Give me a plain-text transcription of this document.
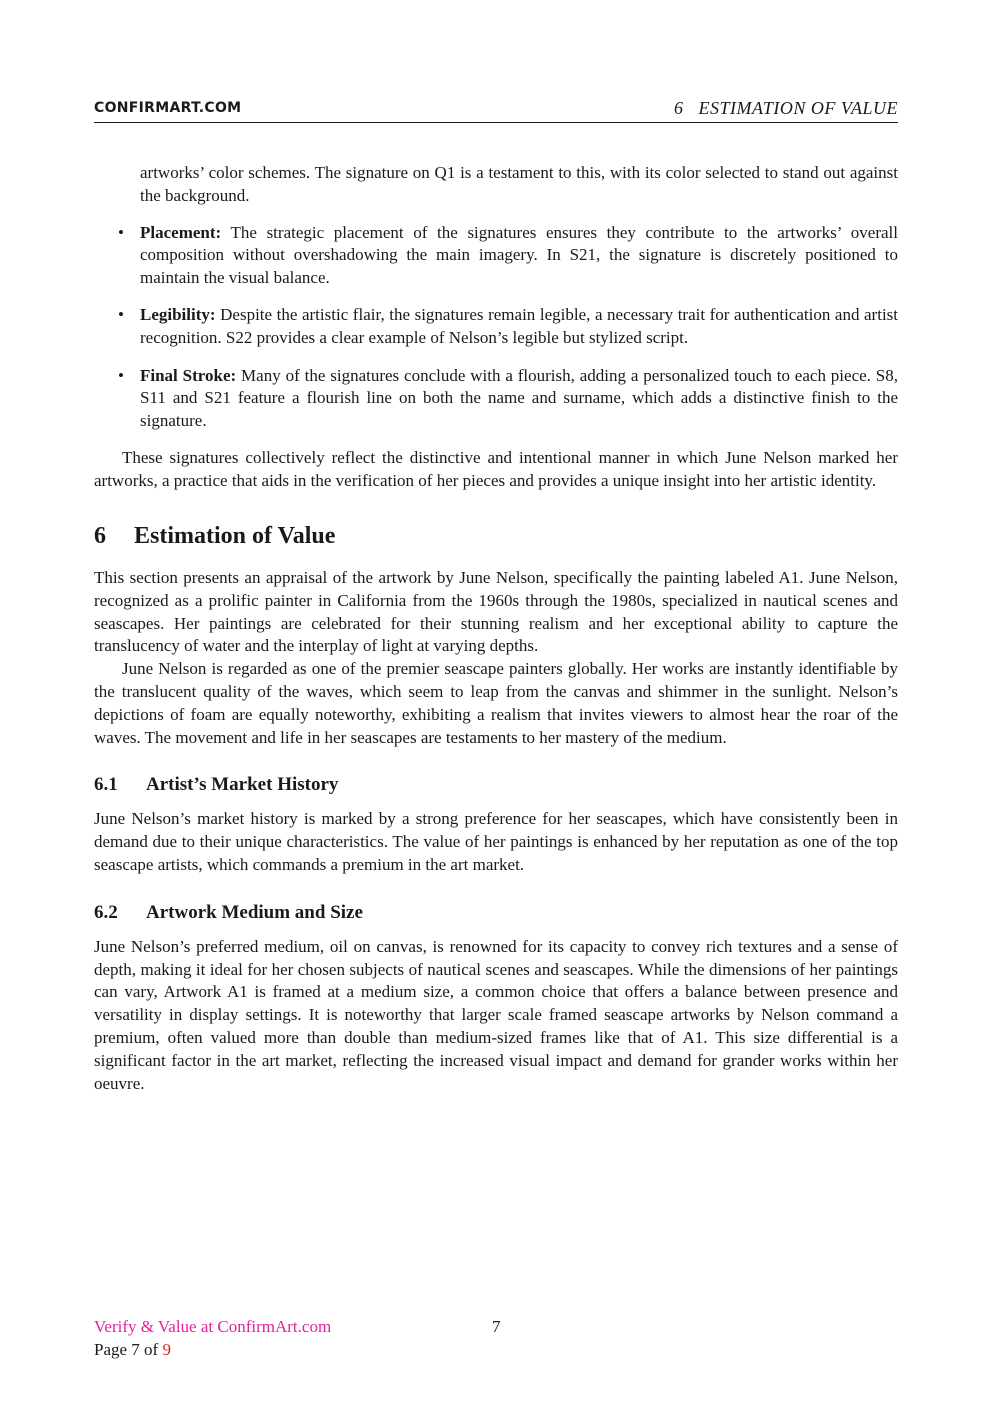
CONFIRMART.COM	6   ESTIMATION OF VALUE

artworks’ color schemes. The signature on Q1 is a testament to this, with its color selected to stand out against the background.

• Placement: The strategic placement of the signatures ensures they contribute to the artworks’ overall composition without overshadowing the main imagery. In S21, the signature is discretely positioned to maintain the visual balance.
• Legibility: Despite the artistic flair, the signatures remain legible, a necessary trait for authentication and artist recognition. S22 provides a clear example of Nelson’s legible but stylized script.
• Final Stroke: Many of the signatures conclude with a flourish, adding a personalized touch to each piece. S8, S11 and S21 feature a flourish line on both the name and surname, which adds a distinctive finish to the signature.

These signatures collectively reflect the distinctive and intentional manner in which June Nelson marked her artworks, a practice that aids in the verification of her pieces and provides a unique insight into her artistic identity.

6 Estimation of Value

This section presents an appraisal of the artwork by June Nelson, specifically the painting labeled A1. June Nelson, recognized as a prolific painter in California from the 1960s through the 1980s, specialized in nautical scenes and seascapes. Her paintings are celebrated for their stunning realism and her exceptional ability to capture the translucency of water and the interplay of light at varying depths.

June Nelson is regarded as one of the premier seascape painters globally. Her works are instantly identifiable by the translucent quality of the waves, which seem to leap from the canvas and shimmer in the sunlight. Nelson’s depictions of foam are equally noteworthy, exhibiting a realism that invites viewers to almost hear the roar of the waves. The movement and life in her seascapes are testaments to her mastery of the medium.

6.1 Artist’s Market History

June Nelson’s market history is marked by a strong preference for her seascapes, which have consistently been in demand due to their unique characteristics. The value of her paintings is enhanced by her reputation as one of the top seascape artists, which commands a premium in the art market.

6.2 Artwork Medium and Size

June Nelson’s preferred medium, oil on canvas, is renowned for its capacity to convey rich textures and a sense of depth, making it ideal for her chosen subjects of nautical scenes and seascapes. While the dimensions of her paintings can vary, Artwork A1 is framed at a medium size, a common choice that offers a balance between presence and versatility in display settings. It is noteworthy that larger scale framed seascape artworks by Nelson command a premium, often valued more than double than medium-sized frames like that of A1. This size differential is a significant factor in the art market, reflecting the increased visual impact and demand for grander works within her oeuvre.

Verify & Value at ConfirmArt.com	7
Page 7 of 9
